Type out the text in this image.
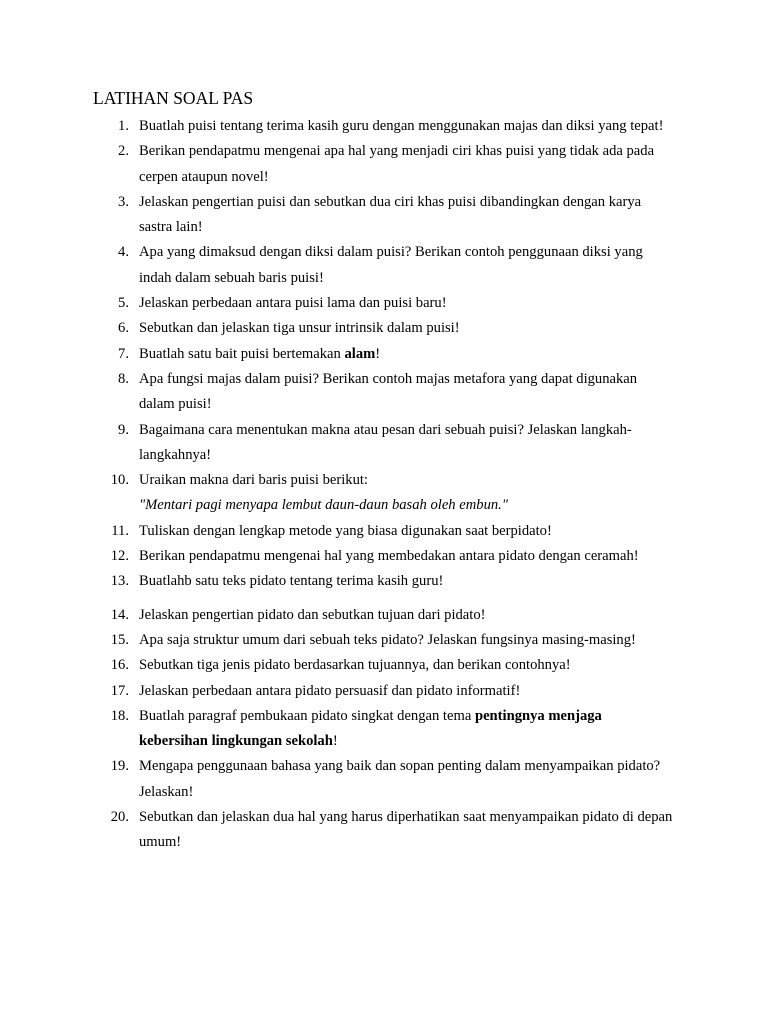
LATIHAN SOAL PAS
1. Buatlah puisi tentang terima kasih guru dengan menggunakan majas dan diksi yang tepat!
2. Berikan pendapatmu mengenai apa hal yang menjadi ciri khas puisi yang tidak ada pada cerpen ataupun novel!
3. Jelaskan pengertian puisi dan sebutkan dua ciri khas puisi dibandingkan dengan karya sastra lain!
4. Apa yang dimaksud dengan diksi dalam puisi? Berikan contoh penggunaan diksi yang indah dalam sebuah baris puisi!
5. Jelaskan perbedaan antara puisi lama dan puisi baru!
6. Sebutkan dan jelaskan tiga unsur intrinsik dalam puisi!
7. Buatlah satu bait puisi bertemakan alam!
8. Apa fungsi majas dalam puisi? Berikan contoh majas metafora yang dapat digunakan dalam puisi!
9. Bagaimana cara menentukan makna atau pesan dari sebuah puisi? Jelaskan langkah-langkahnya!
10. Uraikan makna dari baris puisi berikut:
"Mentari pagi menyapa lembut daun-daun basah oleh embun."
11. Tuliskan dengan lengkap metode yang biasa digunakan saat berpidato!
12. Berikan pendapatmu mengenai hal yang membedakan antara pidato dengan ceramah!
13. Buatlahb satu teks pidato tentang terima kasih guru!
14. Jelaskan pengertian pidato dan sebutkan tujuan dari pidato!
15. Apa saja struktur umum dari sebuah teks pidato? Jelaskan fungsinya masing-masing!
16. Sebutkan tiga jenis pidato berdasarkan tujuannya, dan berikan contohnya!
17. Jelaskan perbedaan antara pidato persuasif dan pidato informatif!
18. Buatlah paragraf pembukaan pidato singkat dengan tema pentingnya menjaga kebersihan lingkungan sekolah!
19. Mengapa penggunaan bahasa yang baik dan sopan penting dalam menyampaikan pidato? Jelaskan!
20. Sebutkan dan jelaskan dua hal yang harus diperhatikan saat menyampaikan pidato di depan umum!
